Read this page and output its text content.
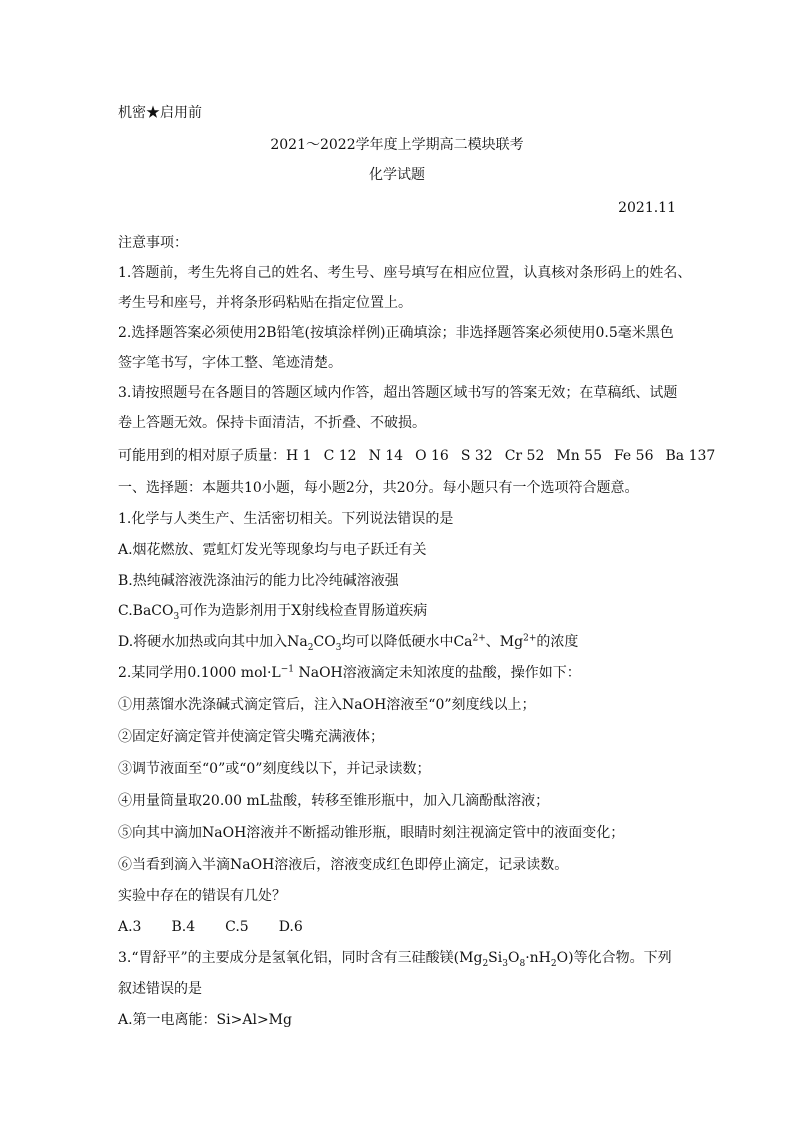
机密★启用前
2021～2022学年度上学期高二模块联考
化学试题
2021.11
注意事项：
1.答题前，考生先将自己的姓名、考生号、座号填写在相应位置，认真核对条形码上的姓名、
考生号和座号，并将条形码粘贴在指定位置上。
2.选择题答案必须使用2B铅笔(按填涂样例)正确填涂；非选择题答案必须使用0.5毫米黑色
签字笔书写，字体工整、笔迹清楚。
3.请按照题号在各题目的答题区域内作答，超出答题区域书写的答案无效；在草稿纸、试题
卷上答题无效。保持卡面清洁，不折叠、不破损。
可能用到的相对原子质量：H 1 C 12 N 14 O 16 S 32 Cr 52 Mn 55 Fe 56 Ba 137
一、选择题：本题共10小题，每小题2分，共20分。每小题只有一个选项符合题意。
1.化学与人类生产、生活密切相关。下列说法错误的是
A.烟花燃放、霓虹灯发光等现象均与电子跃迁有关
B.热纯碱溶液洗涤油污的能力比冷纯碱溶液强
C.BaCO$_3$可作为造影剂用于X射线检查胃肠道疾病
D.将硬水加热或向其中加入$Na_2CO_3$均可以降低硬水中$Ca^{2+}$、$Mg^{2+}$的浓度
2.某同学用0.1000 $mol\cdot L^{-1}$ NaOH溶液滴定未知浓度的盐酸，操作如下：
①用蒸馏水洗涤碱式滴定管后，注入NaOH溶液至“0”刻度线以上；
②固定好滴定管并使滴定管尖嘴充满液体；
③调节液面至“0”或“0”刻度线以下，并记录读数；
④用量筒量取20.00 mL盐酸，转移至锥形瓶中，加入几滴酚酞溶液；
⑤向其中滴加NaOH溶液并不断摇动锥形瓶，眼睛时刻注视滴定管中的液面变化；
⑥当看到滴入半滴NaOH溶液后，溶液变成红色即停止滴定，记录读数。
实验中存在的错误有几处？
A.3 B.4 C.5 D.6
3.“胃舒平”的主要成分是氢氧化铝，同时含有三硅酸镁$(Mg_2Si_3O_8\cdot nH_2O)$等化合物。下列
叙述错误的是
A.第一电离能：Si>Al>Mg
